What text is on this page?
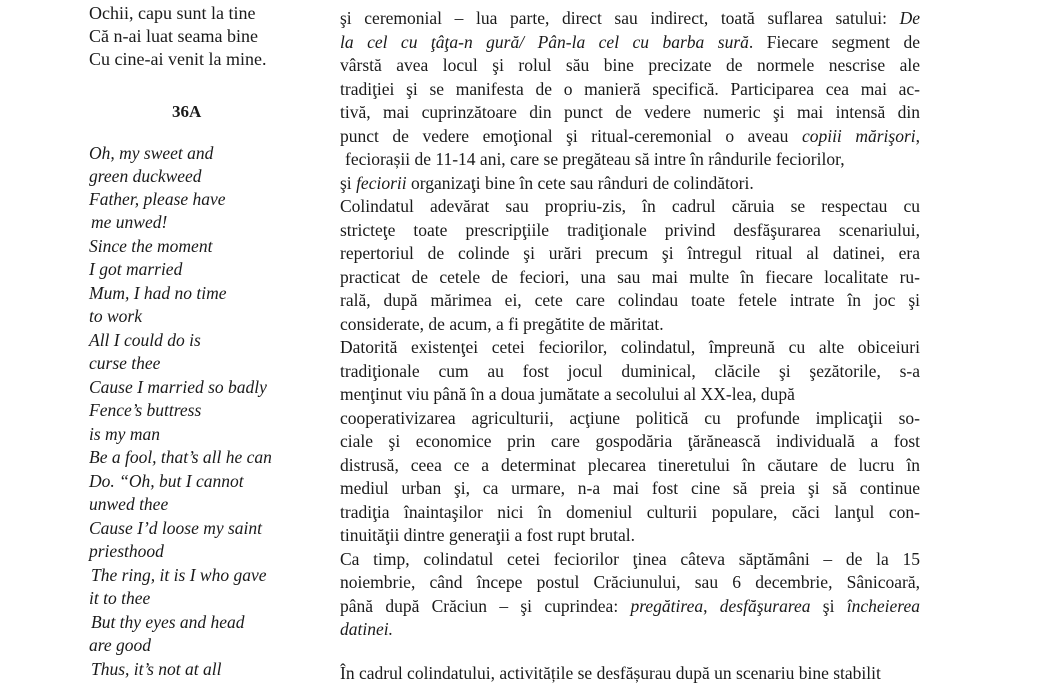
Ochii, capu sunt la tine
Că n-ai luat seama bine
Cu cine-ai venit la mine.
36A
Oh, my sweet and
green duckweed
Father, please have
me unwed!
Since the moment
I got married
Mum, I had no time
to work
All I could do is
curse thee
Cause I married so badly
Fence’s buttress
is my man
Be a fool, that’s all he can
Do. “Oh, but I cannot
unwed thee
Cause I’d loose my saint
priesthood
The ring, it is I who gave
it to thee
But thy eyes and head
are good
Thus, it’s not at all
şi ceremonial – lua parte, direct sau indirect, toată suflarea satului: De
la cel cu ţâţa-n gură/ Pân-la cel cu barba sură. Fiecare segment de
vârstă avea locul şi rolul său bine precizate de normele nescrise ale
tradiţiei şi se manifesta de o manieră specifică. Participarea cea mai ac-
tivă, mai cuprinzătoare din punct de vedere numeric şi mai intensă din
punct de vedere emoţional şi ritual-ceremonial o aveau copiii mărişori,
feciorașii de 11-14 ani, care se pregăteau să intre în rândurile feciorilor,
şi feciorii organizaţi bine în cete sau rânduri de colindători.
Colindatul adevărat sau propriu-zis, în cadrul căruia se respectau cu
stricteţe toate prescripţiile tradiţionale privind desfăşurarea scenariului,
repertoriul de colinde şi urări precum şi întregul ritual al datinei, era
practicat de cetele de feciori, una sau mai multe în fiecare localitate ru-
rală, după mărimea ei, cete care colindau toate fetele intrate în joc şi
considerate, de acum, a fi pregătite de măritat.
Datorită existenţei cetei feciorilor, colindatul, împreună cu alte obiceiuri
tradiţionale cum au fost jocul duminical, clăcile şi şezătorile, s-a
menţinut viu până în a doua jumătate a secolului al XX-lea, după
cooperativizarea agriculturii, acţiune politică cu profunde implicaţii so-
ciale şi economice prin care gospodăria ţărănească individuală a fost
distrusă, ceea ce a determinat plecarea tineretului în căutare de lucru în
mediul urban şi, ca urmare, n-a mai fost cine să preia şi să continue
tradiţia înaintaşilor nici în domeniul culturii populare, căci lanţul con-
tinuităţii dintre generaţii a fost rupt brutal.
Ca timp, colindatul cetei feciorilor ţinea câteva săptămâni – de la 15
noiembrie, când începe postul Crăciunului, sau 6 decembrie, Sânicoară,
până după Crăciun – şi cuprindea: pregătirea, desfăşurarea şi încheierea
datinei.
În cadrul colindatului, activitățile se desfășurau după un scenariu bine stabilit
